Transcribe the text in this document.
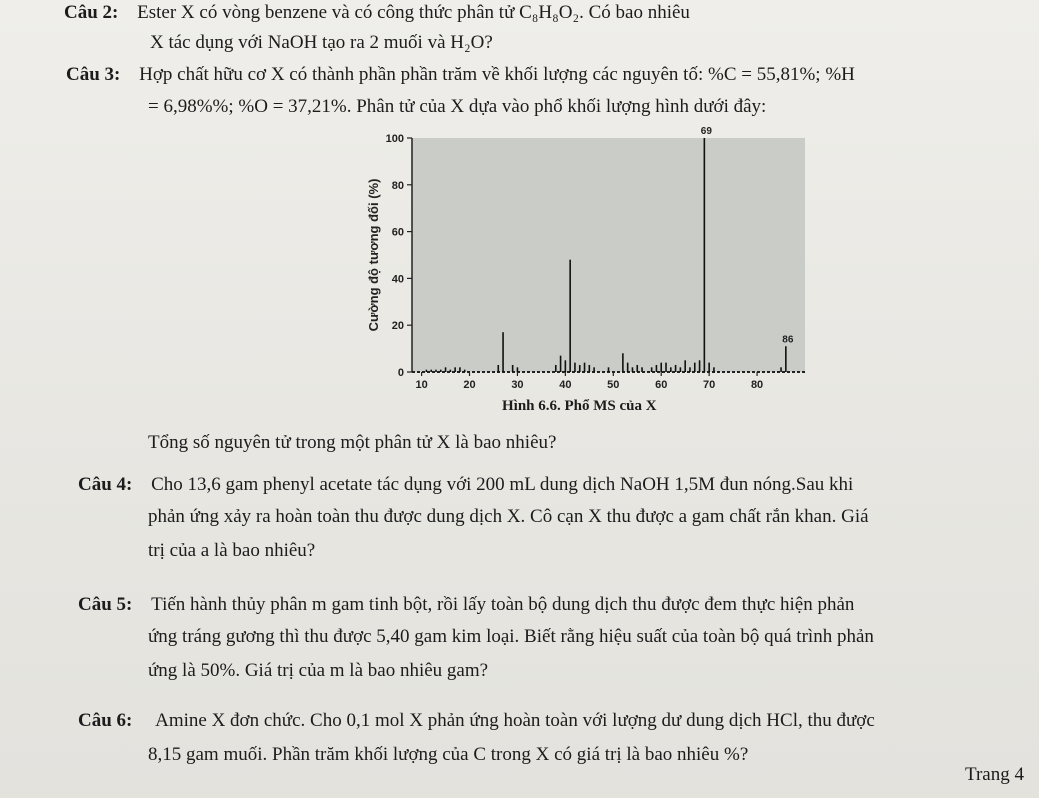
Câu 2: Ester X có vòng benzene và có công thức phân tử C₈H₈O₂. Có bao nhiêu
X tác dụng với NaOH tạo ra 2 muối và H₂O?
Câu 3: Hợp chất hữu cơ X có thành phần phần trăm về khối lượng các nguyên tố: %C = 55,81%; %H
= 6,98%%; %O = 37,21%. Phân tử của X dựa vào phổ khối lượng hình dưới đây:
0
20
40
60
80
100
10	20	30	40	50	60	70	80
Cường độ tương đối (%)
69
86
Hình 6.6. Phổ MS của X
Tổng số nguyên tử trong một phân tử X là bao nhiêu?
Câu 4: Cho 13,6 gam phenyl acetate tác dụng với 200 mL dung dịch NaOH 1,5M đun nóng.Sau khi
phản ứng xảy ra hoàn toàn thu được dung dịch X. Cô cạn X thu được a gam chất rắn khan. Giá
trị của a là bao nhiêu?
Câu 5: Tiến hành thủy phân m gam tinh bột, rồi lấy toàn bộ dung dịch thu được đem thực hiện phản
ứng tráng gương thì thu được 5,40 gam kim loại. Biết rằng hiệu suất của toàn bộ quá trình phản
ứng là 50%. Giá trị của m là bao nhiêu gam?
Câu 6: Amine X đơn chức. Cho 0,1 mol X phản ứng hoàn toàn với lượng dư dung dịch HCl, thu được
8,15 gam muối. Phần trăm khối lượng của C trong X có giá trị là bao nhiêu %?
Trang 4
